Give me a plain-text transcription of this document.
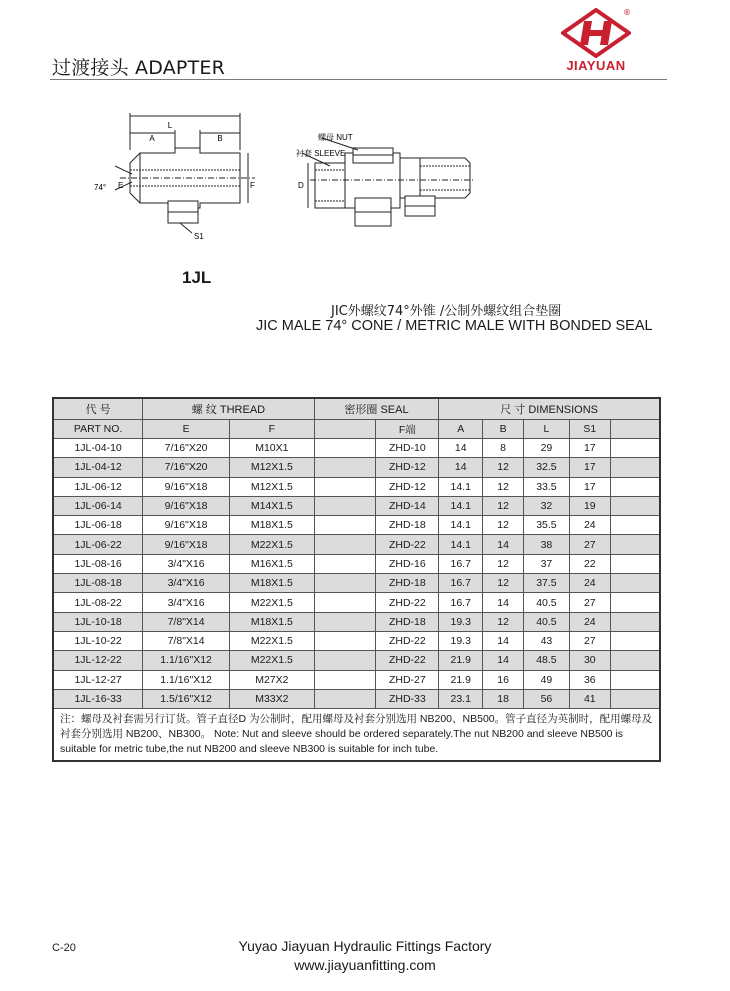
过渡接头 ADAPTER	JIAYUAN
®
L
A	B
74° E	F
S1
螺母 NUT
衬套 SLEEVE
D
1JL
JIC外螺纹74°外锥 /公制外螺纹组合垫圈
JIC MALE 74° CONE / METRIC MALE WITH BONDED SEAL
代 号	螺 纹 THREAD		密形圈 SEAL		尺 寸 DIMENSIONS				
PART NO.	E	F		F端	A	B	L	S1	
1JL-04-10	7/16"X20	M10X1		ZHD-10	14	8	29	17	
1JL-04-12	7/16"X20	M12X1.5		ZHD-12	14	12	32.5	17	
1JL-06-12	9/16"X18	M12X1.5		ZHD-12	14.1	12	33.5	17	
1JL-06-14	9/16"X18	M14X1.5		ZHD-14	14.1	12	32	19	
1JL-06-18	9/16"X18	M18X1.5		ZHD-18	14.1	12	35.5	24	
1JL-06-22	9/16"X18	M22X1.5		ZHD-22	14.1	14	38	27	
1JL-08-16	3/4"X16	M16X1.5		ZHD-16	16.7	12	37	22	
1JL-08-18	3/4"X16	M18X1.5		ZHD-18	16.7	12	37.5	24	
1JL-08-22	3/4"X16	M22X1.5		ZHD-22	16.7	14	40.5	27	
1JL-10-18	7/8"X14	M18X1.5		ZHD-18	19.3	12	40.5	24	
1JL-10-22	7/8"X14	M22X1.5		ZHD-22	19.3	14	43	27	
1JL-12-22	1.1/16"X12	M22X1.5		ZHD-22	21.9	14	48.5	30	
1JL-12-27	1.1/16"X12	M27X2		ZHD-27	21.9	16	49	36	
1JL-16-33	1.5/16"X12	M33X2		ZHD-33	23.1	18	56	41	
注：螺母及衬套需另行订货。管子直径D 为公制时，配用螺母及衬套分别选用 NB200、NB500。管子直径为英制时，配用螺母及衬套分别选用 NB200、NB300。 Note: Nut and sleeve should be ordered separately.The nut NB200 and sleeve NB500 is suitable for metric tube,the nut NB200 and sleeve NB300 is suitable for inch tube.									
C-20	Yuyao Jiayuan Hydraulic Fittings Factory
www.jiayuanfitting.com
